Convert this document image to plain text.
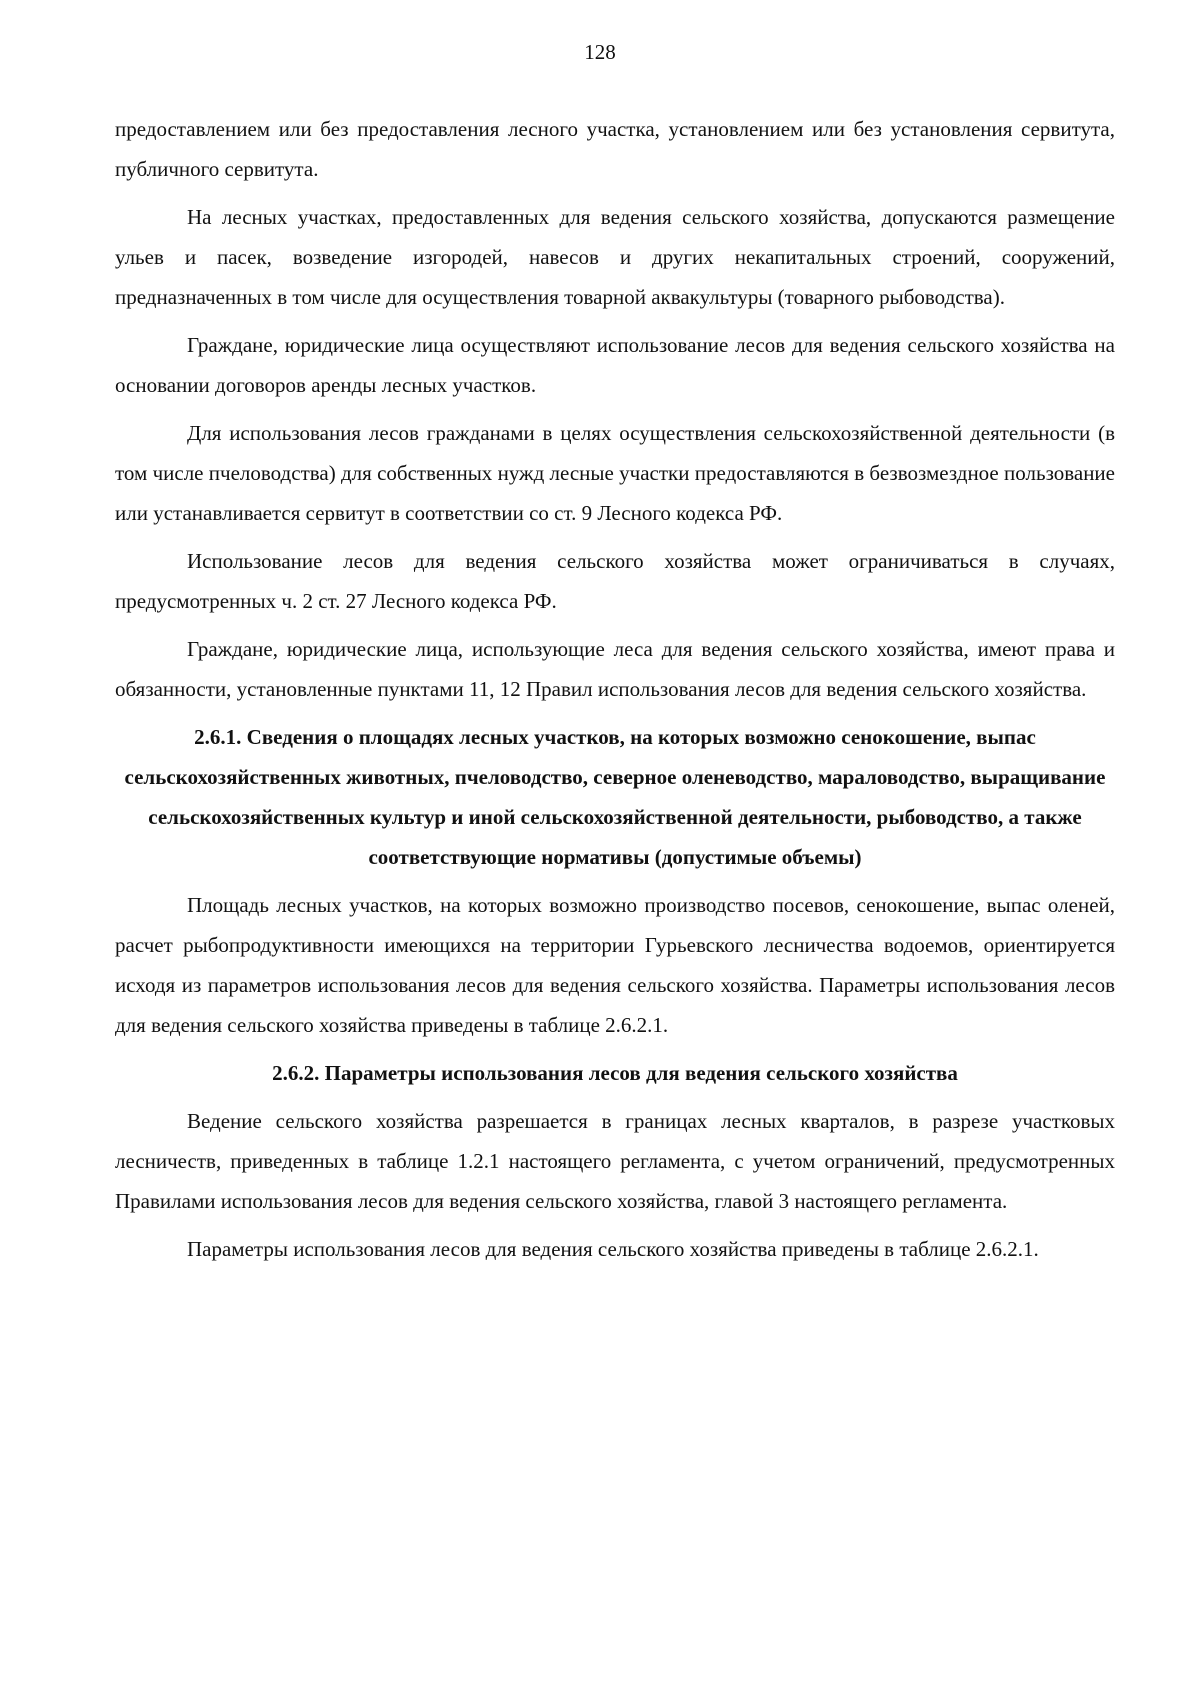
128

предоставлением или без предоставления лесного участка, установлением или без установления сервитута, публичного сервитута.

На лесных участках, предоставленных для ведения сельского хозяйства, допускаются размещение ульев и пасек, возведение изгородей, навесов и других некапитальных строений, сооружений, предназначенных в том числе для осуществления товарной аквакультуры (товарного рыбоводства).

Граждане, юридические лица осуществляют использование лесов для ведения сельского хозяйства на основании договоров аренды лесных участков.

Для использования лесов гражданами в целях осуществления сельскохозяйственной деятельности (в том числе пчеловодства) для собственных нужд лесные участки предоставляются в безвозмездное пользование или устанавливается сервитут в соответствии со ст. 9 Лесного кодекса РФ.

Использование лесов для ведения сельского хозяйства может ограничиваться в случаях, предусмотренных ч. 2 ст. 27 Лесного кодекса РФ.

Граждане, юридические лица, использующие леса для ведения сельского хозяйства, имеют права и обязанности, установленные пунктами 11, 12 Правил использования лесов для ведения сельского хозяйства.

2.6.1. Сведения о площадях лесных участков, на которых возможно сенокошение, выпас сельскохозяйственных животных, пчеловодство, северное оленеводство, мараловодство, выращивание сельскохозяйственных культур и иной сельскохозяйственной деятельности, рыбоводство, а также соответствующие нормативы (допустимые объемы)

Площадь лесных участков, на которых возможно производство посевов, сенокошение, выпас оленей, расчет рыбопродуктивности имеющихся на территории Гурьевского лесничества водоемов, ориентируется исходя из параметров использования лесов для ведения сельского хозяйства. Параметры использования лесов для ведения сельского хозяйства приведены в таблице 2.6.2.1.

2.6.2. Параметры использования лесов для ведения сельского хозяйства

Ведение сельского хозяйства разрешается в границах лесных кварталов, в разрезе участковых лесничеств, приведенных в таблице 1.2.1 настоящего регламента, с учетом ограничений, предусмотренных Правилами использования лесов для ведения сельского хозяйства, главой 3 настоящего регламента.

Параметры использования лесов для ведения сельского хозяйства приведены в таблице 2.6.2.1.
